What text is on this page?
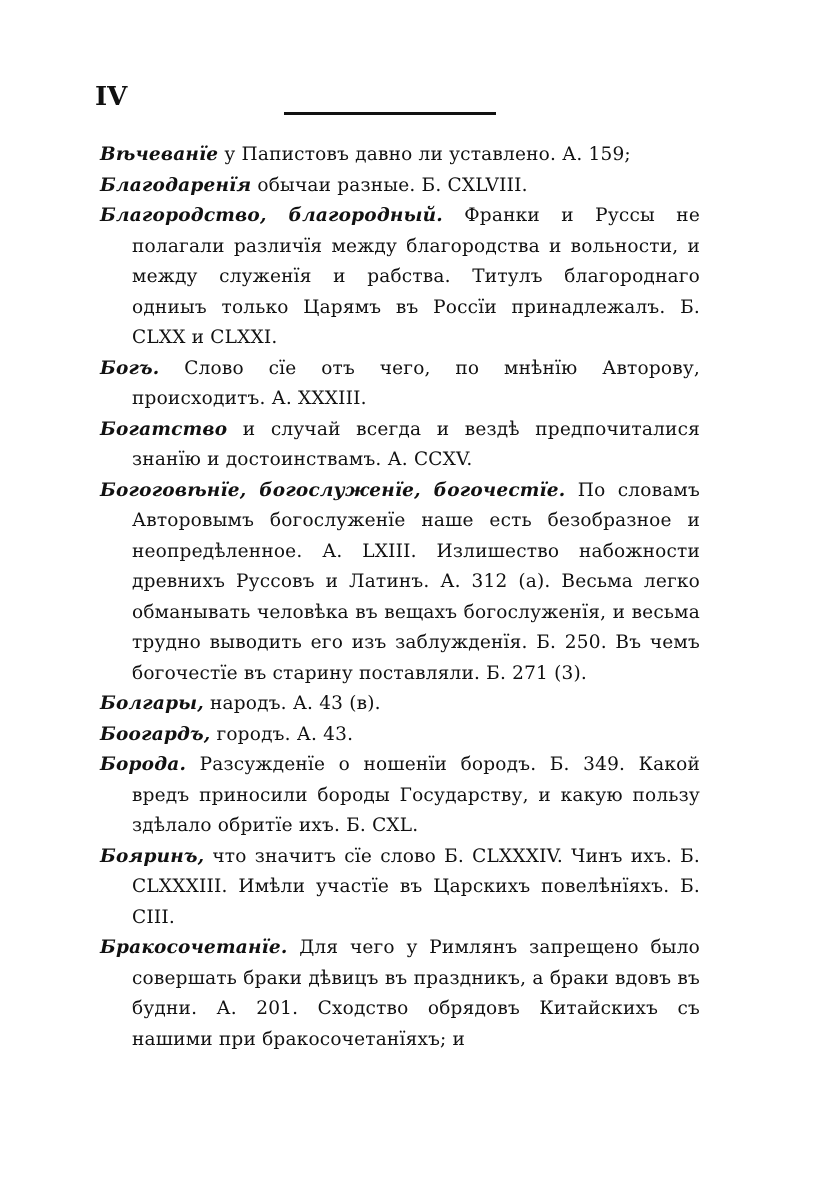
IV

Вѣчеванїе у Папистовъ давно ли уставлено. А. 159;

Благодаренїя обычаи разные. Б. CXLVIII.

Благородство, благородный. Франки и Руссы не полагали различїя между благородства и вольности, и между служенїя и рабства. Титулъ благороднаго одниыъ только Царямъ въ Россїи принадлежалъ. Б. CLXX и CLXXI.

Богъ. Слово сїе отъ чего, по мнѣнїю Авторову, происходитъ. А. XXXIII.

Богатство и случай всегда и вездѣ предпочиталися знанїю и достоинствамъ. А. CCXV.

Богоговѣнїе, богослуженїе, богочестїе. По словамъ Авторовымъ богослуженїе наше есть безобразное и неопредѣленное. А. LXIII. Излишество набожности древнихъ Руссовъ и Латинъ. А. 312 (а). Весьма легко обманывать человѣка въ вещахъ богослуженїя, и весьма трудно выводить его изъ заблужденїя. Б. 250. Въ чемъ богочестїе въ старину поставляли. Б. 271 (3).

Болгары, народъ. А. 43 (в).

Боогардъ, городъ. А. 43.

Борода. Разсужденїе о ношенїи бородъ. Б. 349. Какой вредъ приносили бороды Государству, и какую пользу здѣлало обритїе ихъ. Б. CXL.

Бояринъ, что значитъ сїе слово Б. CLXXXIV. Чинъ ихъ. Б. CLXXXIII. Имѣли участїе въ Царскихъ повелѣнїяхъ. Б. CIII.

Бракосочетанїе. Для чего у Римлянъ запрещено было совершать браки дѣвицъ въ праздникъ, а браки вдовъ въ будни. А. 201. Сходство обрядовъ Китайскихъ съ нашими при бракосочетанїяхъ; и
